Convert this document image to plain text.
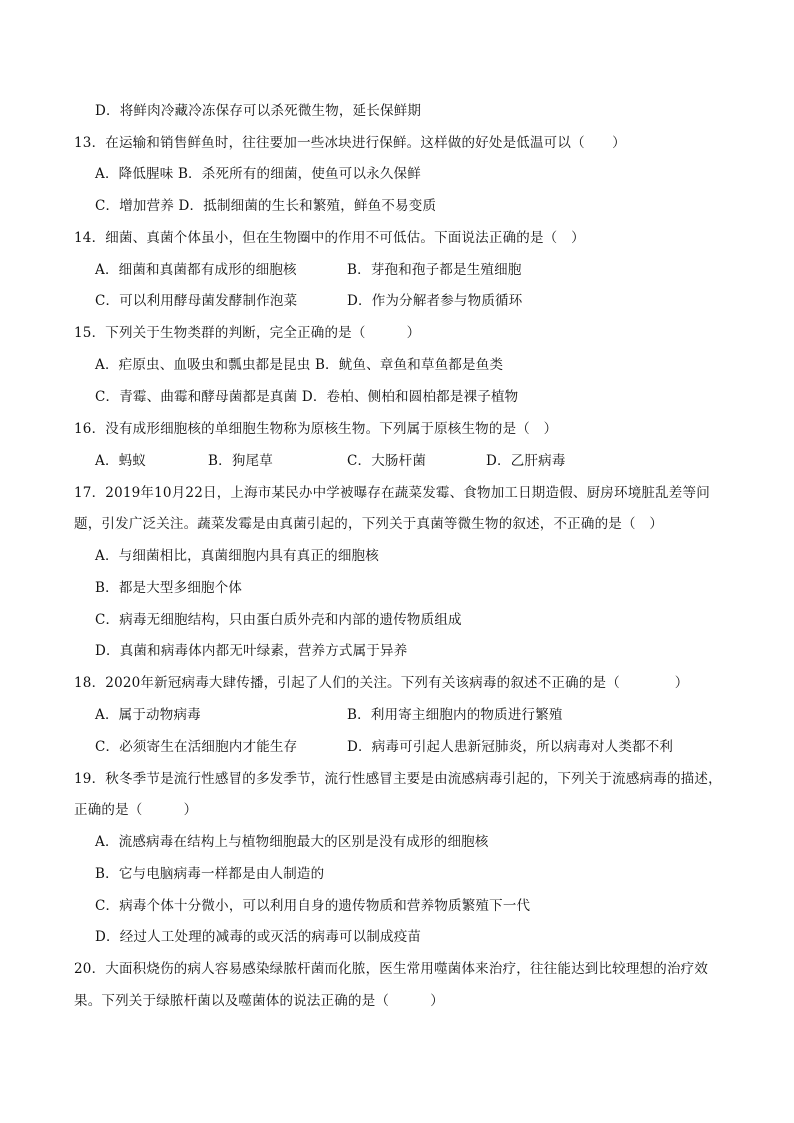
D．将鲜肉冷藏冷冻保存可以杀死微生物，延长保鲜期
13．在运输和销售鲜鱼时，往往要加一些冰块进行保鲜。这样做的好处是低温可以（　　）
A．降低腥味 B．杀死所有的细菌，使鱼可以永久保鲜
C．增加营养 D．抵制细菌的生长和繁殖，鲜鱼不易变质
14．细菌、真菌个体虽小，但在生物圈中的作用不可低估。下面说法正确的是（　）
A．细菌和真菌都有成形的细胞核	B．芽孢和孢子都是生殖细胞
C．可以利用酵母菌发酵制作泡菜	D．作为分解者参与物质循环
15．下列关于生物类群的判断，完全正确的是（　　　）
A．疟原虫、血吸虫和瓢虫都是昆虫 B．鱿鱼、章鱼和草鱼都是鱼类
C．青霉、曲霉和酵母菌都是真菌 D．卷柏、侧柏和圆柏都是裸子植物
16．没有成形细胞核的单细胞生物称为原核生物。下列属于原核生物的是（　）
A．蚂蚁	B．狗尾草	C．大肠杆菌	D．乙肝病毒
17．2019年10月22日，上海市某民办中学被曝存在蔬菜发霉、食物加工日期造假、厨房环境脏乱差等问
题，引发广泛关注。蔬菜发霉是由真菌引起的，下列关于真菌等微生物的叙述，不正确的是（　）
A．与细菌相比，真菌细胞内具有真正的细胞核
B．都是大型多细胞个体
C．病毒无细胞结构，只由蛋白质外壳和内部的遗传物质组成
D．真菌和病毒体内都无叶绿素，营养方式属于异养
18．2020年新冠病毒大肆传播，引起了人们的关注。下列有关该病毒的叙述不正确的是（　　　　）
A．属于动物病毒	B．利用寄主细胞内的物质进行繁殖
C．必须寄生在活细胞内才能生存	D．病毒可引起人患新冠肺炎，所以病毒对人类都不利
19．秋冬季节是流行性感冒的多发季节，流行性感冒主要是由流感病毒引起的，下列关于流感病毒的描述，
正确的是（　　　）
A．流感病毒在结构上与植物细胞最大的区别是没有成形的细胞核
B．它与电脑病毒一样都是由人制造的
C．病毒个体十分微小，可以利用自身的遗传物质和营养物质繁殖下一代
D．经过人工处理的减毒的或灭活的病毒可以制成疫苗
20．大面积烧伤的病人容易感染绿脓杆菌而化脓，医生常用噬菌体来治疗，往往能达到比较理想的治疗效
果。下列关于绿脓杆菌以及噬菌体的说法正确的是（　　　）
